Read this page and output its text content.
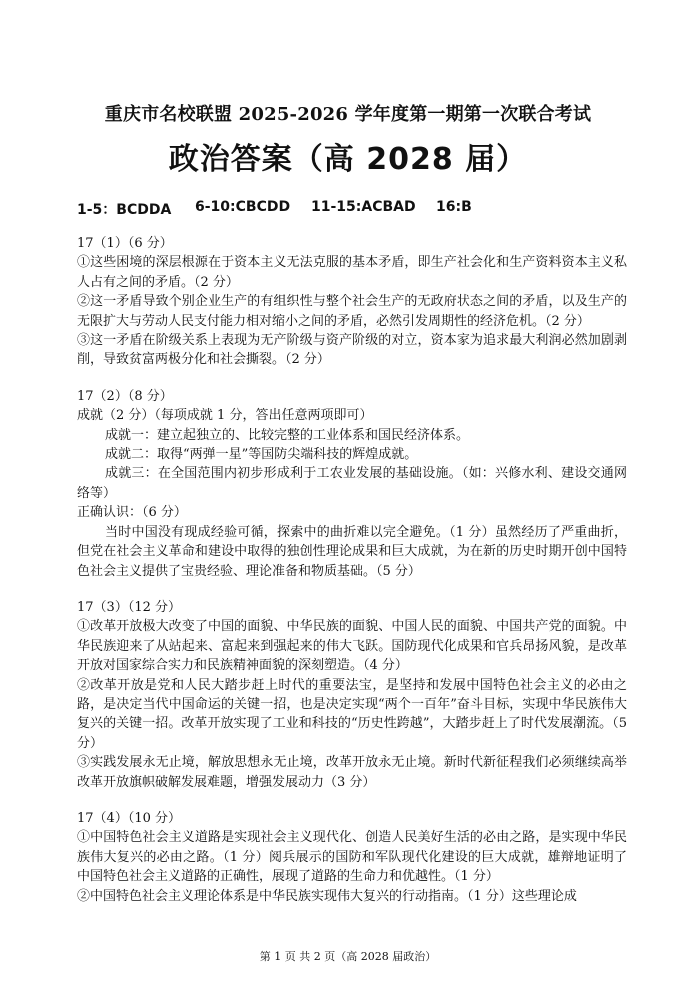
重庆市名校联盟 2025-2026 学年度第一期第一次联合考试
政治答案（高 2028 届）
1-5：BCDDA 6-10:CBCDD 11-15:ACBAD 16:B

17（1）（6 分）

①这些困境的深层根源在于资本主义无法克服的基本矛盾，即生产社会化和生产资料资本主义私人占有之间的矛盾。（2 分）

②这一矛盾导致个别企业生产的有组织性与整个社会生产的无政府状态之间的矛盾，以及生产的无限扩大与劳动人民支付能力相对缩小之间的矛盾，必然引发周期性的经济危机。（2 分）

③这一矛盾在阶级关系上表现为无产阶级与资产阶级的对立，资本家为追求最大利润必然加剧剥削，导致贫富两极分化和社会撕裂。（2 分）

17（2）（8 分）

成就（2 分）（每项成就 1 分，答出任意两项即可）

成就一：建立起独立的、比较完整的工业体系和国民经济体系。

成就二：取得“两弹一星”等国防尖端科技的辉煌成就。

成就三：在全国范围内初步形成利于工农业发展的基础设施。（如：兴修水利、建设交通网络等）

正确认识：（6 分）

当时中国没有现成经验可循，探索中的曲折难以完全避免。（1 分）虽然经历了严重曲折，但党在社会主义革命和建设中取得的独创性理论成果和巨大成就，为在新的历史时期开创中国特色社会主义提供了宝贵经验、理论准备和物质基础。（5 分）

17（3）（12 分）

①改革开放极大改变了中国的面貌、中华民族的面貌、中国人民的面貌、中国共产党的面貌。中华民族迎来了从站起来、富起来到强起来的伟大飞跃。国防现代化成果和官兵昂扬风貌，是改革开放对国家综合实力和民族精神面貌的深刻塑造。（4 分）

②改革开放是党和人民大踏步赶上时代的重要法宝，是坚持和发展中国特色社会主义的必由之路，是决定当代中国命运的关键一招，也是决定实现“两个一百年”奋斗目标，实现中华民族伟大复兴的关键一招。改革开放实现了工业和科技的“历史性跨越”，大踏步赶上了时代发展潮流。（5 分）

③实践发展永无止境，解放思想永无止境，改革开放永无止境。新时代新征程我们必须继续高举改革开放旗帜破解发展难题，增强发展动力（3 分）

17（4）（10 分）

①中国特色社会主义道路是实现社会主义现代化、创造人民美好生活的必由之路，是实现中华民族伟大复兴的必由之路。（1 分）阅兵展示的国防和军队现代化建设的巨大成就，雄辩地证明了中国特色社会主义道路的正确性，展现了道路的生命力和优越性。（1 分）

②中国特色社会主义理论体系是中华民族实现伟大复兴的行动指南。（1 分）这些理论成

第 1 页 共 2 页（高 2028 届政治）
